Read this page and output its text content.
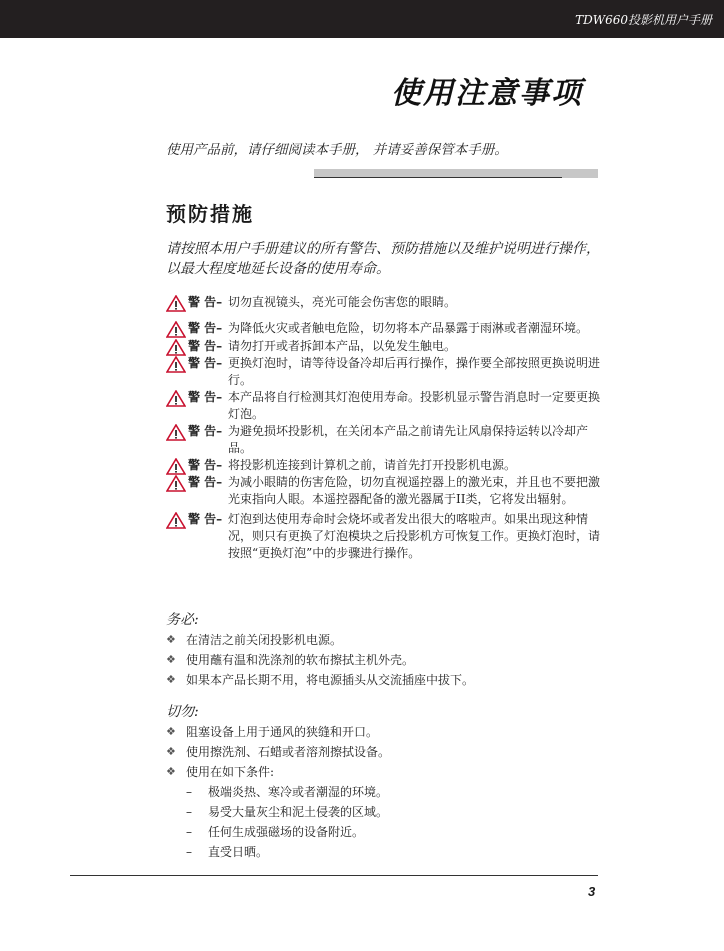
TDW660投影机用户手册
使用注意事项
使用产品前，请仔细阅读本手册， 并请妥善保管本手册。
预防措施
请按照本用户手册建议的所有警告、预防措施以及维护说明进行操作，以最大程度地延长设备的使用寿命。
警 告– 切勿直视镜头，亮光可能会伤害您的眼睛。
警 告– 为降低火灾或者触电危险，切勿将本产品暴露于雨淋或者潮湿环境。
警 告– 请勿打开或者拆卸本产品，以免发生触电。
警 告– 更换灯泡时，请等待设备冷却后再行操作，操作要全部按照更换说明进行。
警 告– 本产品将自行检测其灯泡使用寿命。投影机显示警告消息时一定要更换灯泡。
警 告– 为避免损坏投影机，在关闭本产品之前请先让风扇保持运转以冷却产品。
警 告– 将投影机连接到计算机之前，请首先打开投影机电源。
警 告– 为减小眼睛的伤害危险，切勿直视遥控器上的激光束，并且也不要把激光束指向人眼。本遥控器配备的激光器属于II类，它将发出辐射。
警 告– 灯泡到达使用寿命时会烧坏或者发出很大的喀啦声。如果出现这种情况，则只有更换了灯泡模块之后投影机方可恢复工作。更换灯泡时，请按照“更换灯泡”中的步骤进行操作。
务必:
❖ 在清洁之前关闭投影机电源。
❖ 使用蘸有温和洗涤剂的软布擦拭主机外壳。
❖ 如果本产品长期不用，将电源插头从交流插座中拔下。
切勿:
❖ 阻塞设备上用于通风的狭缝和开口。
❖ 使用擦洗剂、石蜡或者溶剂擦拭设备。
❖ 使用在如下条件:
– 极端炎热、寒冷或者潮湿的环境。
– 易受大量灰尘和泥土侵袭的区域。
– 任何生成强磁场的设备附近。
– 直受日晒。
3
